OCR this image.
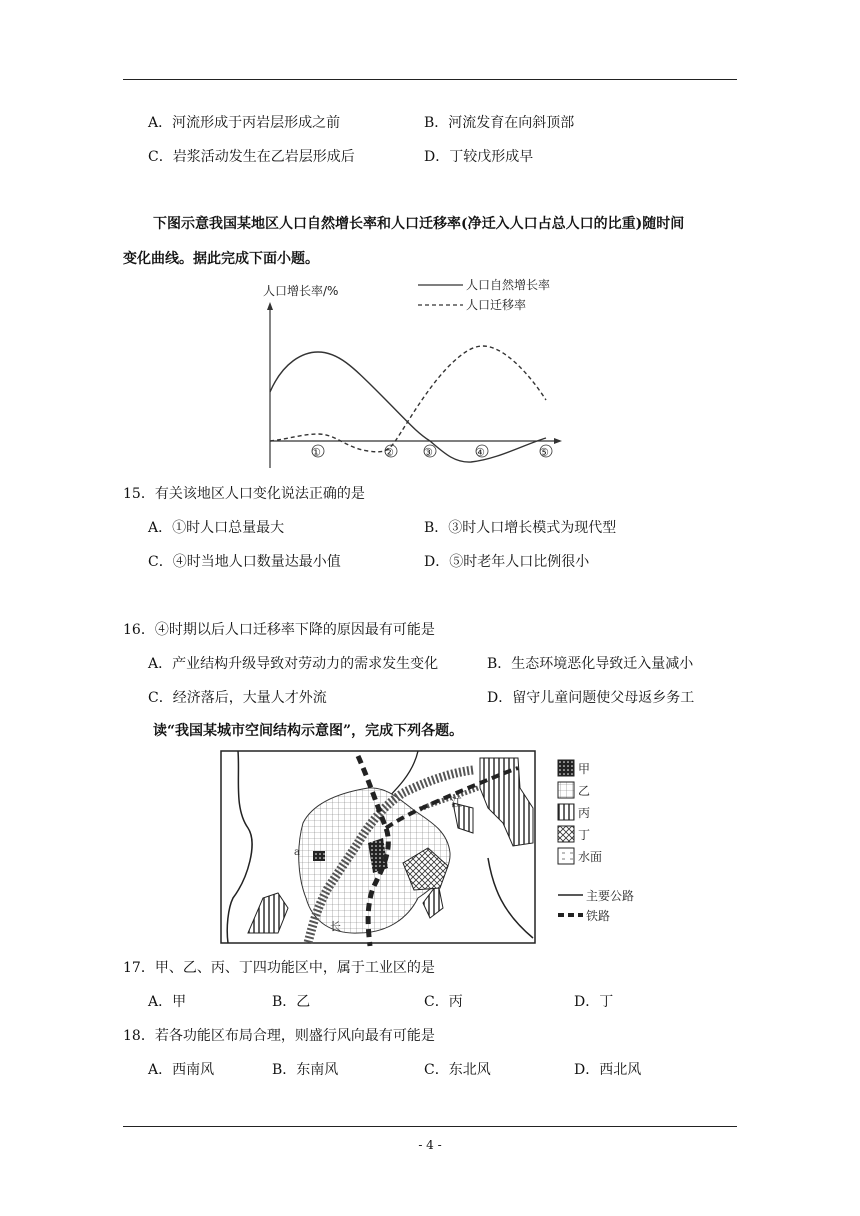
A．河流形成于丙岩层形成之前	B．河流发育在向斜顶部
C．岩浆活动发生在乙岩层形成后	D．丁较戊形成早
下图示意我国某地区人口自然增长率和人口迁移率(净迁入人口占总人口的比重)随时间
变化曲线。据此完成下面小题。
人口增长率/%	人口自然增长率
人口迁移率
①	②	③	④	⑤
15．有关该地区人口变化说法正确的是
A．①时人口总量最大	B．③时人口增长模式为现代型
C．④时当地人口数量达最小值	D．⑤时老年人口比例很小
16．④时期以后人口迁移率下降的原因最有可能是
A．产业结构升级导致对劳动力的需求发生变化	B．生态环境恶化导致迁入量减小
C．经济落后，大量人才外流	D．留守儿童问题使父母返乡务工
读“我国某城市空间结构示意图”，完成下列各题。
江
长
a
甲
乙
丙
丁
水面
主要公路
铁路
17．甲、乙、丙、丁四功能区中，属于工业区的是
A．甲	B．乙	C．丙	D．丁
18．若各功能区布局合理，则盛行风向最有可能是
A．西南风	B．东南风	C．东北风	D．西北风
- 4 -
